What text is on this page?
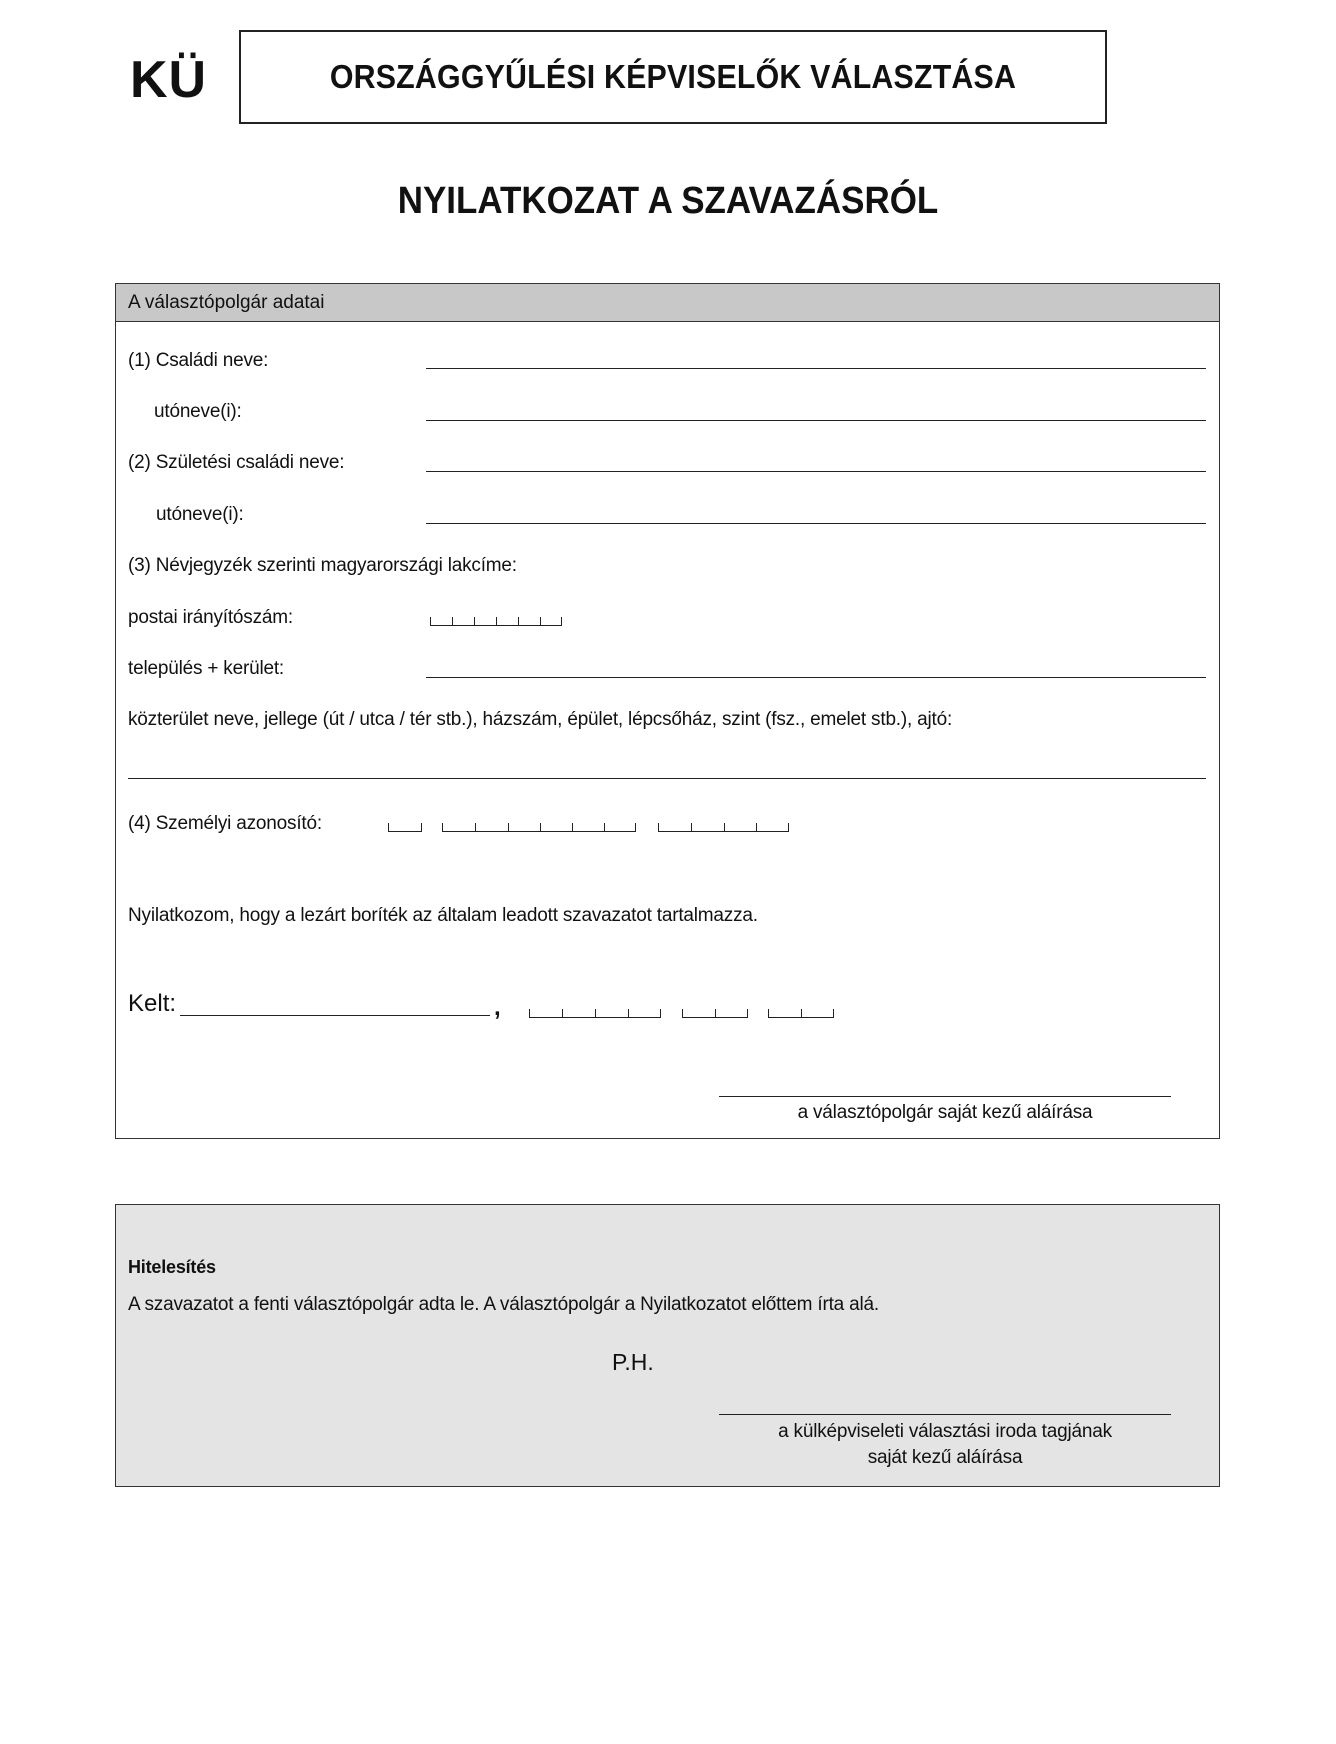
KÜ	ORSZÁGGYŰLÉSI KÉPVISELŐK VÁLASZTÁSA
NYILATKOZAT A SZAVAZÁSRÓL
A választópolgár adatai
(1) Családi neve:
utóneve(i):
(2) Születési családi neve:
utóneve(i):
(3) Névjegyzék szerinti magyarországi lakcíme:
postai irányítószám:
település + kerület:
közterület neve, jellege (út / utca / tér stb.), házszám, épület, lépcsőház, szint (fsz., emelet stb.), ajtó:
(4) Személyi azonosító:
Nyilatkozom, hogy a lezárt boríték az általam leadott szavazatot tartalmazza.
Kelt:	,
a választópolgár saját kezű aláírása
Hitelesítés
A szavazatot a fenti választópolgár adta le. A választópolgár a Nyilatkozatot előttem írta alá.
P.H.
a külképviseleti választási iroda tagjának
saját kezű aláírása
